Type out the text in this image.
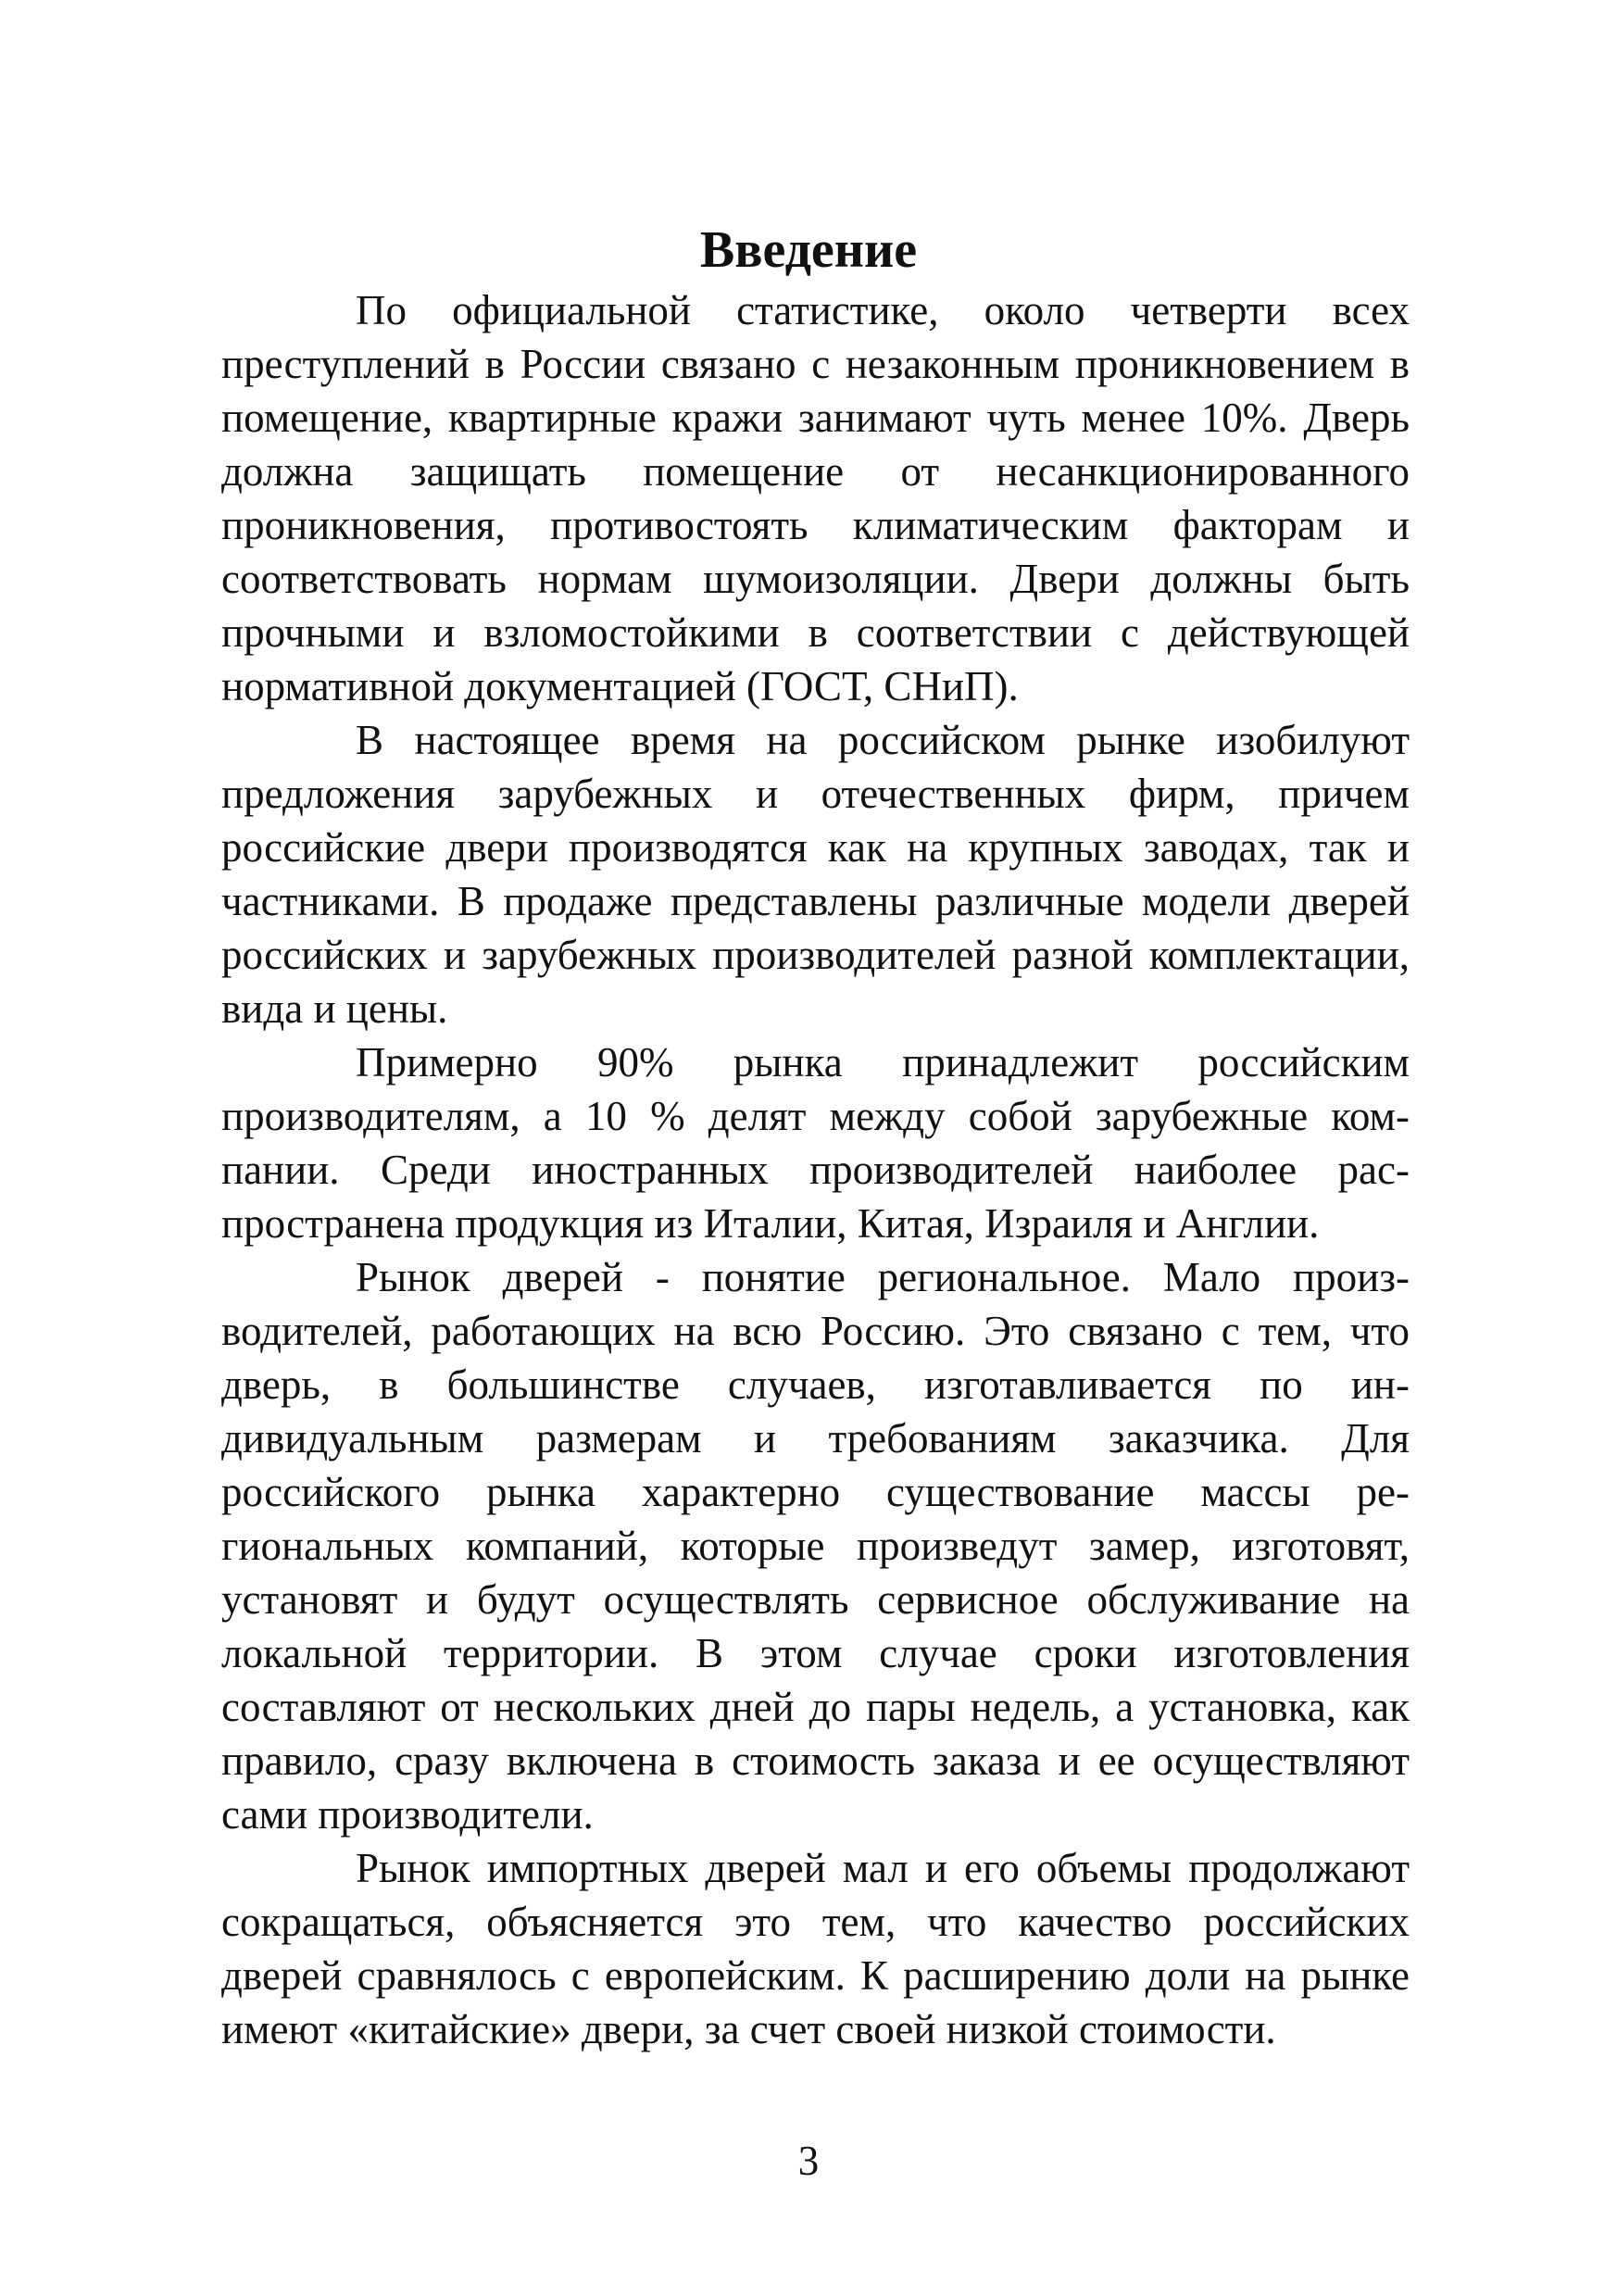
Введение

По официальной статистике, около четверти всех преступлений в России связано с незаконным проникновением в помещение, квартирные кражи занимают чуть менее 10%. Дверь должна защищать помещение от несанкционированного проникновения, противостоять климатическим факторам и соответствовать нормам шумоизоляции. Двери должны быть прочными и взломостойкими в соответствии с действующей нормативной документацией (ГОСТ, СНиП).

В настоящее время на российском рынке изобилуют предложения зарубежных и отечественных фирм, причем российские двери производятся как на крупных заводах, так и частниками. В продаже представлены различные модели дверей российских и зарубежных производителей разной комплектации, вида и цены.

Примерно 90% рынка принадлежит российским производителям, а 10 % делят между собой зарубежные компании. Среди иностранных производителей наиболее распространена продукция из Италии, Китая, Израиля и Англии.

Рынок дверей - понятие региональное. Мало производителей, работающих на всю Россию. Это связано с тем, что дверь, в большинстве случаев, изготавливается по индивидуальным размерам и требованиям заказчика. Для российского рынка характерно существование массы региональных компаний, которые произведут замер, изготовят, установят и будут осуществлять сервисное обслуживание на локальной территории. В этом случае сроки изготовления составляют от нескольких дней до пары недель, а установка, как правило, сразу включена в стоимость заказа и ее осуществляют сами производители.

Рынок импортных дверей мал и его объемы продолжают сокращаться, объясняется это тем, что качество российских дверей сравнялось с европейским. К расширению доли на рынке имеют «китайские» двери, за счет своей низкой стоимости.

3
